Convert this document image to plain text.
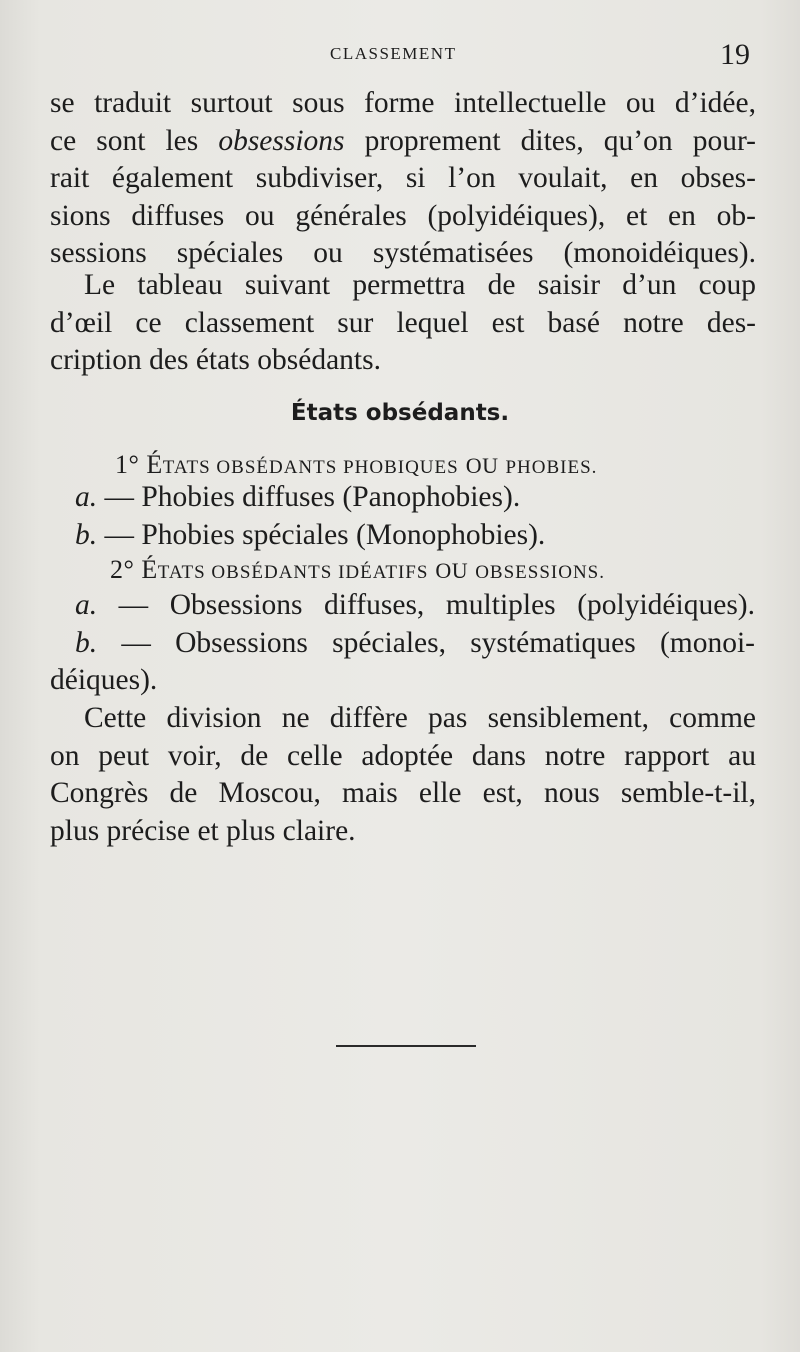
CLASSEMENT	19
se traduit surtout sous forme intellectuelle ou d’idée,
ce sont les obsessions proprement dites, qu’on pour-
rait également subdiviser, si l’on voulait, en obses-
sions diffuses ou générales (polyidéiques), et en ob-
sessions spéciales ou systématisées (monoidéiques).
Le tableau suivant permettra de saisir d’un coup
d’œil ce classement sur lequel est basé notre des-
cription des états obsédants.
États obsédants.
1° ÉTATS OBSÉDANTS PHOBIQUES OU PHOBIES.
a. — Phobies diffuses (Panophobies).
b. — Phobies spéciales (Monophobies).
2° ÉTATS OBSÉDANTS IDÉATIFS OU OBSESSIONS.
a. — Obsessions diffuses, multiples (polyidéiques).
b. — Obsessions spéciales, systématiques (monoi-
déiques).
Cette division ne diffère pas sensiblement, comme
on peut voir, de celle adoptée dans notre rapport au
Congrès de Moscou, mais elle est, nous semble-t-il,
plus précise et plus claire.
